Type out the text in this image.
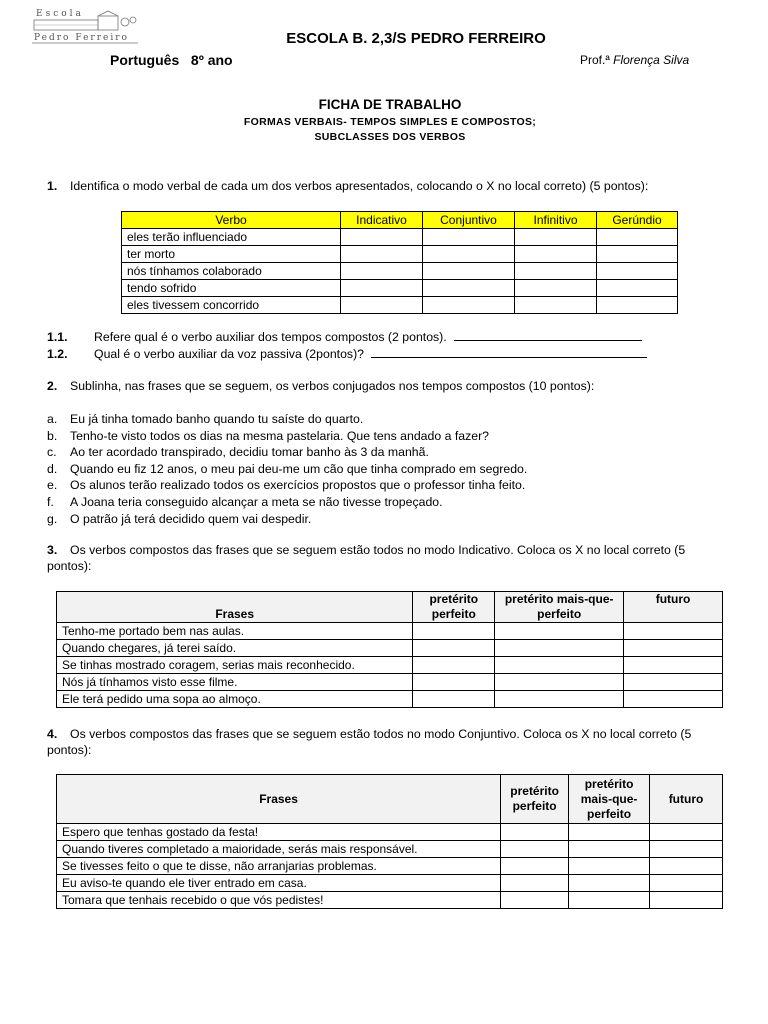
Escola
Pedro Ferreiro	ESCOLA B. 2,3/S PEDRO FERREIRO
Português 8º ano	Prof.ª Florença Silva
FICHA DE TRABALHO
FORMAS VERBAIS- TEMPOS SIMPLES E COMPOSTOS;
SUBCLASSES DOS VERBOS
1. Identifica o modo verbal de cada um dos verbos apresentados, colocando o X no local correto) (5 pontos):
Verbo	Indicativo	Conjuntivo	Infinitivo	Gerúndio
eles terão influenciado				
ter morto				
nós tínhamos colaborado				
tendo sofrido				
eles tivessem concorrido				
1.1. Refere qual é o verbo auxiliar dos tempos compostos (2 pontos).
1.2. Qual é o verbo auxiliar da voz passiva (2pontos)?
2. Sublinha, nas frases que se seguem, os verbos conjugados nos tempos compostos (10 pontos):
a. Eu já tinha tomado banho quando tu saíste do quarto.
b. Tenho-te visto todos os dias na mesma pastelaria. Que tens andado a fazer?
c. Ao ter acordado transpirado, decidiu tomar banho às 3 da manhã.
d. Quando eu fiz 12 anos, o meu pai deu-me um cão que tinha comprado em segredo.
e. Os alunos terão realizado todos os exercícios propostos que o professor tinha feito.
f. A Joana teria conseguido alcançar a meta se não tivesse tropeçado.
g. O patrão já terá decidido quem vai despedir.
3. Os verbos compostos das frases que se seguem estão todos no modo Indicativo. Coloca os X no local correto (5
pontos):
Frases	pretérito perfeito	pretérito mais-que-perfeito	futuro
Tenho-me portado bem nas aulas.			
Quando chegares, já terei saído.			
Se tinhas mostrado coragem, serias mais reconhecido.			
Nós já tínhamos visto esse filme.			
Ele terá pedido uma sopa ao almoço.			
4. Os verbos compostos das frases que se seguem estão todos no modo Conjuntivo. Coloca os X no local correto (5
pontos):
Frases	pretérito perfeito	pretérito mais-que-perfeito	futuro
Espero que tenhas gostado da festa!			
Quando tiveres completado a maioridade, serás mais responsável.			
Se tivesses feito o que te disse, não arranjarias problemas.			
Eu aviso-te quando ele tiver entrado em casa.			
Tomara que tenhais recebido o que vós pedistes!			
